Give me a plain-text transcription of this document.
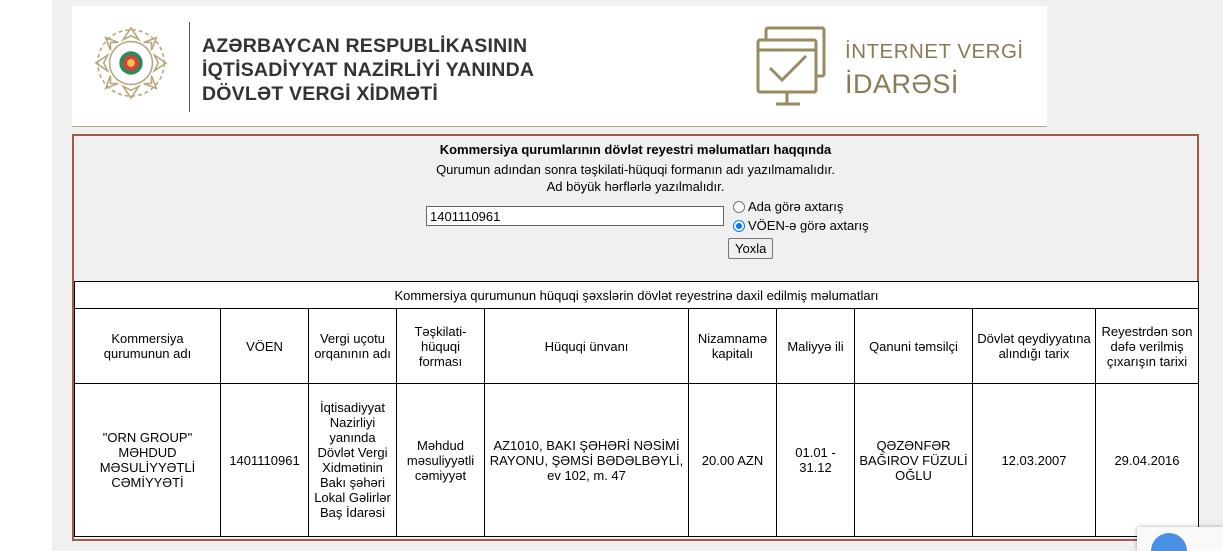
AZƏRBAYCAN RESPUBLİKASININ
İQTİSADİYYAT NAZİRLİYİ YANINDA
DÖVLƏT VERGİ XİDMƏTİ
İNTERNET VERGİ
İDARƏSİ
Kommersiya qurumlarının dövlət reyestri məlumatları haqqında
Qurumun adından sonra təşkilati-hüquqi formanın adı yazılmamalıdır.
Ad böyük hərflərlə yazılmalıdır.
1401110961
Ada görə axtarış
VÖEN-ə görə axtarış
Yoxla
Kommersiya qurumunun hüquqi şəxslərin dövlət reyestrinə daxil edilmiş məlumatları									
Kommersiya qurumunun adı	VÖEN	Vergi uçotu orqanının adı	Təşkilati-hüquqi forması	Hüquqi ünvanı	Nizamnamə kapitalı	Maliyyə ili	Qanuni təmsilçi	Dövlət qeydiyyatına alındığı tarix	Reyestrdən son dəfə verilmiş çıxarışın tarixi
"ORN GROUP" MƏHDUD MƏSULİYYƏTLİ CƏMİYYƏTİ	1401110961	İqtisadiyyat Nazirliyi yanında Dövlət Vergi Xidmətinin Bakı şəhəri Lokal Gəlirlər Baş İdarəsi	Məhdud məsuliyyətli cəmiyyət	AZ1010, BAKI ŞƏHƏRİ NƏSİMİ RAYONU, ŞƏMSİ BƏDƏLBƏYLİ, ev 102, m. 47	20.00 AZN	01.01 - 31.12	QƏZƏNFƏR BAĞIROV FÜZULİ OĞLU	12.03.2007	29.04.2016
